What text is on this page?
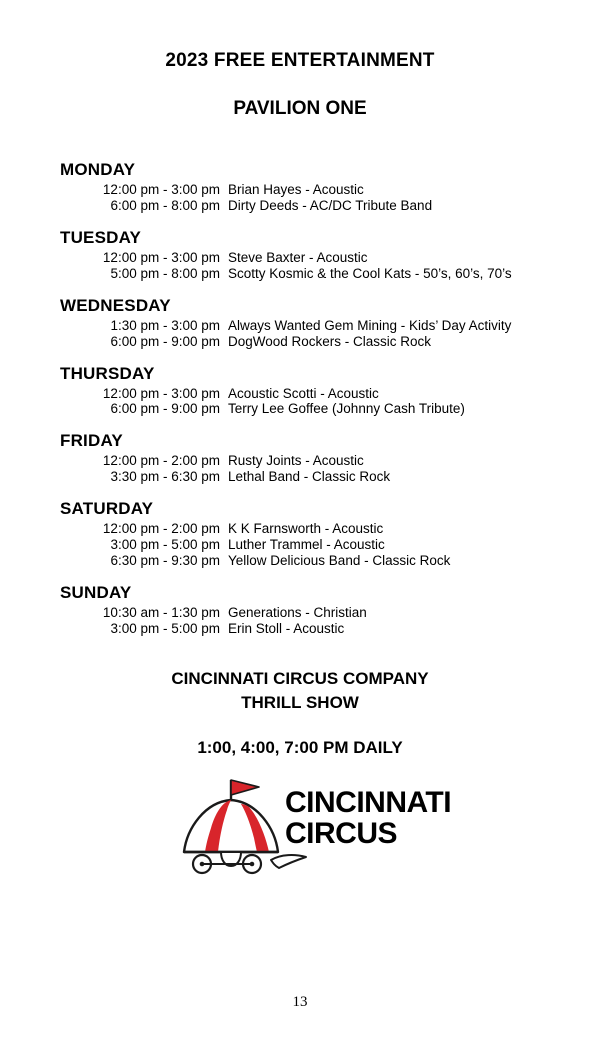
2023 FREE ENTERTAINMENT
PAVILION ONE
MONDAY
12:00 pm - 3:00 pm Brian Hayes - Acoustic
6:00 pm - 8:00 pm Dirty Deeds - AC/DC Tribute Band
TUESDAY
12:00 pm - 3:00 pm Steve Baxter - Acoustic
5:00 pm - 8:00 pm Scotty Kosmic & the Cool Kats - 50’s, 60’s, 70’s
WEDNESDAY
1:30 pm - 3:00 pm Always Wanted Gem Mining - Kids’ Day Activity
6:00 pm - 9:00 pm DogWood Rockers - Classic Rock
THURSDAY
12:00 pm - 3:00 pm Acoustic Scotti - Acoustic
6:00 pm - 9:00 pm Terry Lee Goffee (Johnny Cash Tribute)
FRIDAY
12:00 pm - 2:00 pm Rusty Joints - Acoustic
3:30 pm - 6:30 pm Lethal Band - Classic Rock
SATURDAY
12:00 pm - 2:00 pm K K Farnsworth - Acoustic
3:00 pm - 5:00 pm Luther Trammel - Acoustic
6:30 pm - 9:30 pm Yellow Delicious Band - Classic Rock
SUNDAY
10:30 am - 1:30 pm Generations - Christian
3:00 pm - 5:00 pm Erin Stoll - Acoustic
CINCINNATI CIRCUS COMPANY
THRILL SHOW
1:00, 4:00, 7:00 PM DAILY
CINCINNATI
CIRCUS
13
